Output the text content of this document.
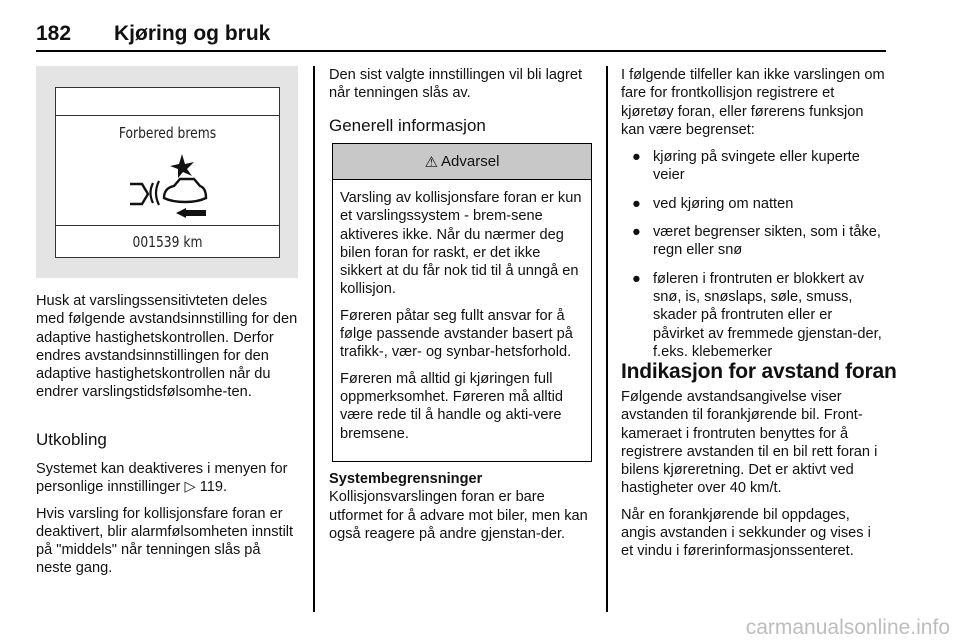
182 Kjøring og bruk
Forbered brems
001539 km

Husk at varslingssensitivteten deles med følgende avstandsinnstilling for den adaptive hastighetskontrollen. Derfor endres avstandsinnstillingen for den adaptive hastighetskontrollen når du endrer varslingstidsfølsomhe-ten.

Utkobling

Systemet kan deaktiveres i menyen for personlige innstillinger ▷ 119.

Hvis varsling for kollisjonsfare foran er deaktivert, blir alarmfølsomheten innstilt på "middels" når tenningen slås på neste gang.

Den sist valgte innstillingen vil bli lagret når tenningen slås av.

Generell informasjon
⚠ Advarsel

Varsling av kollisjonsfare foran er kun et varslingssystem - brem-sene aktiveres ikke. Når du nærmer deg bilen foran for raskt, er det ikke sikkert at du får nok tid til å unngå en kollisjon.

Føreren påtar seg fullt ansvar for å følge passende avstander basert på trafikk-, vær- og synbar-hetsforhold.

Føreren må alltid gi kjøringen full oppmerksomhet. Føreren må alltid være rede til å handle og akti-vere bremsene.

Systembegrensninger

Kollisjonsvarslingen foran er bare utformet for å advare mot biler, men kan også reagere på andre gjenstan-der.

I følgende tilfeller kan ikke varslingen om fare for frontkollisjon registrere et kjøretøy foran, eller førerens funksjon kan være begrenset:

● kjøring på svingete eller kuperte veier
● ved kjøring om natten
● været begrenser sikten, som i tåke, regn eller snø
● føleren i frontruten er blokkert av snø, is, snøslaps, søle, smuss, skader på frontruten eller er påvirket av fremmede gjenstan-der, f.eks. klebemerker
Indikasjon for avstand foran

Følgende avstandsangivelse viser avstanden til forankjørende bil. Front-kameraet i frontruten benyttes for å registrere avstanden til en bil rett foran i bilens kjøreretning. Det er aktivt ved hastigheter over 40 km/t.

Når en forankjørende bil oppdages, angis avstanden i sekkunder og vises i et vindu i førerinformasjonssenteret.

carmanualsonline.info
